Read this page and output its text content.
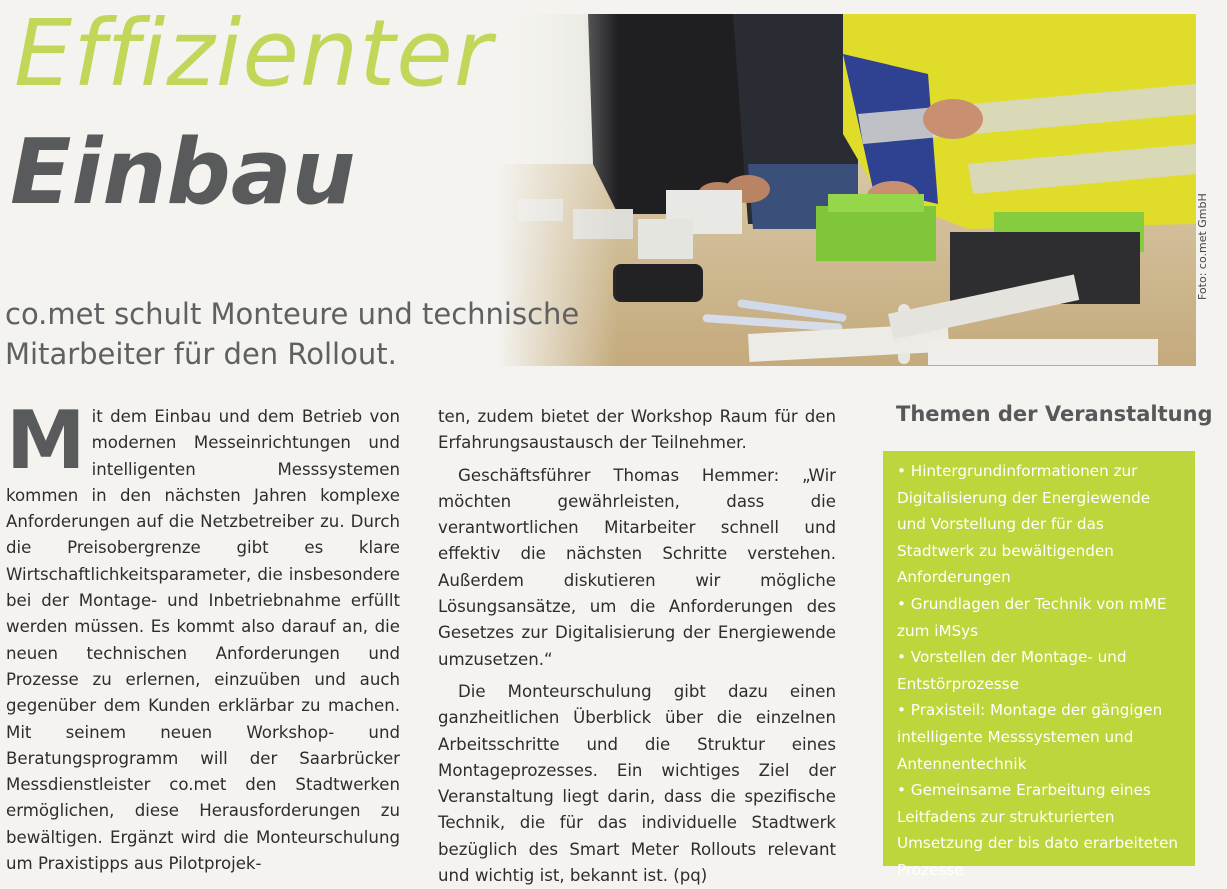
Effizienter
Einbau
Foto: co.met GmbH
co.met schult Monteure und technische Mitarbeiter für den Rollout.
M it dem Einbau und dem Betrieb von modernen Messeinrichtungen und intelligenten Messsystemen kommen in den nächsten Jahren komplexe Anforderungen auf die Netzbetreiber zu. Durch die Preisobergrenze gibt es klare Wirtschaftlichkeitsparameter, die insbesondere bei der Montage- und Inbetriebnahme erfüllt werden müssen. Es kommt also darauf an, die neuen technischen Anforderungen und Prozesse zu erlernen, einzuüben und auch gegenüber dem Kunden erklärbar zu machen. Mit seinem neuen Workshop- und Beratungsprogramm will der Saarbrücker Messdienstleister co.met den Stadtwerken ermöglichen, diese Herausforderungen zu bewältigen. Ergänzt wird die Monteurschulung um Praxistipps aus Pilotprojek-

ten, zudem bietet der Workshop Raum für den Erfahrungsaustausch der Teilnehmer.

Geschäftsführer Thomas Hemmer: „Wir möchten gewährleisten, dass die verantwortlichen Mitarbeiter schnell und effektiv die nächsten Schritte verstehen. Außerdem diskutieren wir mögliche Lösungsansätze, um die Anforderungen des Gesetzes zur Digitalisierung der Energiewende umzusetzen.“

Die Monteurschulung gibt dazu einen ganzheitlichen Überblick über die einzelnen Arbeitsschritte und die Struktur eines Montageprozesses. Ein wichtiges Ziel der Veranstaltung liegt darin, dass die spezifische Technik, die für das individuelle Stadtwerk bezüglich des Smart Meter Rollouts relevant und wichtig ist, bekannt ist. (pq)

Themen der Veranstaltung
• Hintergrundinformationen zur Digitalisierung der Energiewende und Vorstellung der für das Stadtwerk zu bewältigenden Anforderungen
• Grundlagen der Technik von mME zum iMSys
• Vorstellen der Montage- und Entstörprozesse
• Praxisteil: Montage der gängigen intelligente Messsystemen und Antennentechnik
• Gemeinsame Erarbeitung eines Leitfadens zur strukturierten Umsetzung der bis dato erarbeiteten Prozesse
